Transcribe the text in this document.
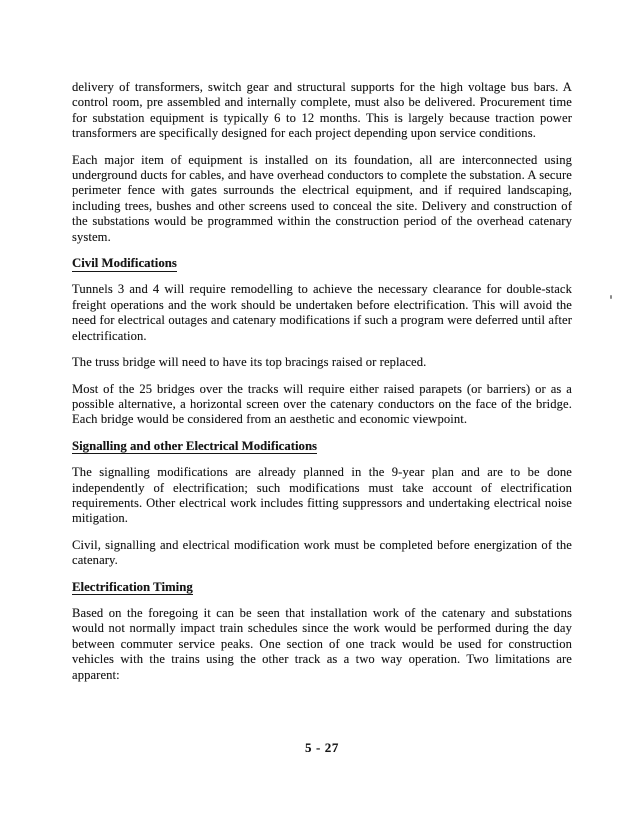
delivery of transformers, switch gear and structural supports for the high voltage bus bars. A control room, pre assembled and internally complete, must also be delivered. Procurement time for substation equipment is typically 6 to 12 months. This is largely because traction power transformers are specifically designed for each project depending upon service conditions.

Each major item of equipment is installed on its foundation, all are interconnected using underground ducts for cables, and have overhead conductors to complete the substation. A secure perimeter fence with gates surrounds the electrical equipment, and if required landscaping, including trees, bushes and other screens used to conceal the site. Delivery and construction of the substations would be programmed within the construction period of the overhead catenary system.

Civil Modifications

Tunnels 3 and 4 will require remodelling to achieve the necessary clearance for double-stack freight operations and the work should be undertaken before electrification. This will avoid the need for electrical outages and catenary modifications if such a program were deferred until after electrification.

The truss bridge will need to have its top bracings raised or replaced.

Most of the 25 bridges over the tracks will require either raised parapets (or barriers) or as a possible alternative, a horizontal screen over the catenary conductors on the face of the bridge. Each bridge would be considered from an aesthetic and economic viewpoint.

Signalling and other Electrical Modifications

The signalling modifications are already planned in the 9-year plan and are to be done independently of electrification; such modifications must take account of electrification requirements. Other electrical work includes fitting suppressors and undertaking electrical noise mitigation.

Civil, signalling and electrical modification work must be completed before energization of the catenary.

Electrification Timing

Based on the foregoing it can be seen that installation work of the catenary and substations would not normally impact train schedules since the work would be performed during the day between commuter service peaks. One section of one track would be used for construction vehicles with the trains using the other track as a two way operation. Two limitations are apparent:

5 - 27
